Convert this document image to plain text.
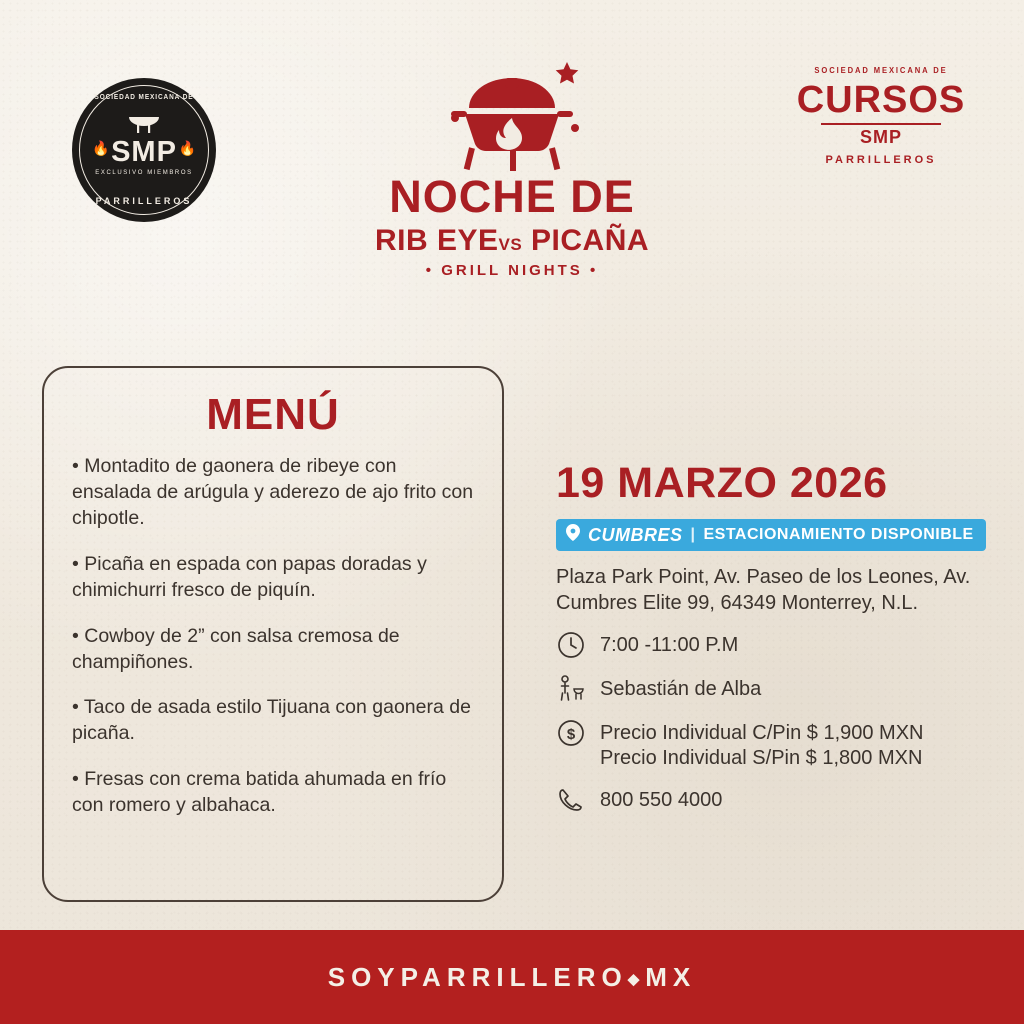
SOCIEDAD MEXICANA DE
SMP
EXCLUSIVO MIEMBROS
PARRILLEROS
🔥	🔥
NOCHE DE
RIB EYEVS PICAÑA
• GRILL NIGHTS •
SOCIEDAD MEXICANA DE
CURSOS
SMP
PARRILLEROS
MENÚ
• Montadito de gaonera de ribeye con ensalada de arúgula y aderezo de ajo frito con chipotle.
• Picaña en espada con papas doradas y chimichurri fresco de piquín.
• Cowboy de 2” con salsa cremosa de champiñones.
• Taco de asada estilo Tijuana con gaonera de picaña.
• Fresas con crema batida ahumada en frío con romero y albahaca.
19 MARZO 2026
CUMBRES | ESTACIONAMIENTO DISPONIBLE
Plaza Park Point, Av. Paseo de los Leones, Av. Cumbres Elite 99, 64349 Monterrey, N.L.
7:00 -11:00 P.M
Sebastián de Alba
$ Precio Individual C/Pin $ 1,900 MXN
Precio Individual S/Pin $ 1,800 MXN
800 550 4000
SOYPARRILLERO◆MX
